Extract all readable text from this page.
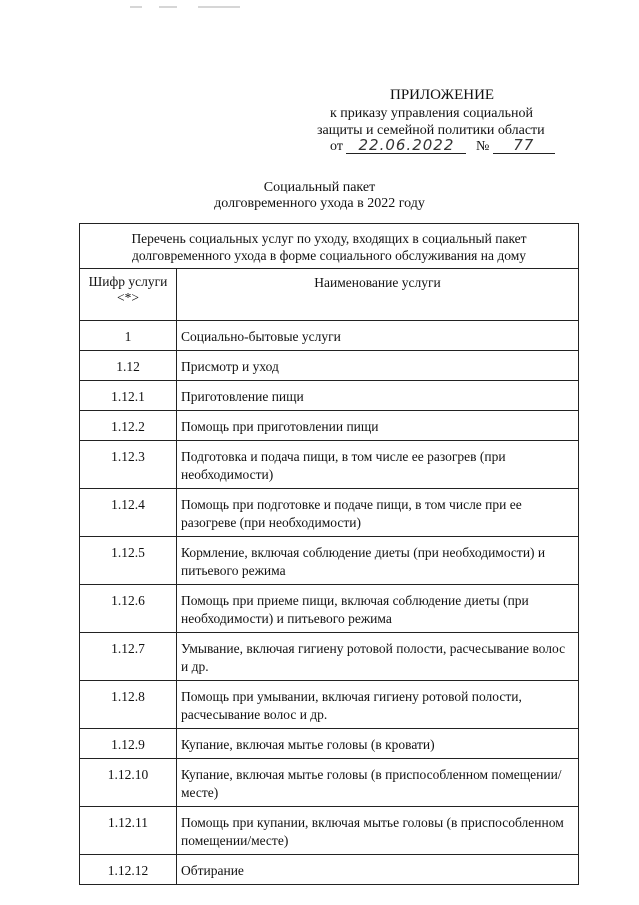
ПРИЛОЖЕНИЕ
к приказу управления социальной
защиты и семейной политики области
от 22.06.2022 № 77
Социальный пакет
долговременного ухода в 2022 году
Перечень социальных услуг по уходу, входящих в социальный пакет
долговременного ухода в форме социального обслуживания на дому	

Шифр услуги
<*>	Наименование услуги
1	Социально-бытовые услуги
1.12	Присмотр и уход
1.12.1	Приготовление пищи
1.12.2	Помощь при приготовлении пищи
1.12.3	Подготовка и подача пищи, в том числе ее разогрев (при необходимости)
1.12.4	Помощь при подготовке и подаче пищи, в том числе при ее разогреве (при необходимости)
1.12.5	Кормление, включая соблюдение диеты (при необходимости) и питьевого режима
1.12.6	Помощь при приеме пищи, включая соблюдение диеты (при необходимости) и питьевого режима
1.12.7	Умывание, включая гигиену ротовой полости, расчесывание волос и др.
1.12.8	Помощь при умывании, включая гигиену ротовой полости, расчесывание волос и др.
1.12.9	Купание, включая мытье головы (в кровати)
1.12.10	Купание, включая мытье головы (в приспособленном помещении/месте)
1.12.11	Помощь при купании, включая мытье головы (в приспособленном помещении/месте)
1.12.12	Обтирание
